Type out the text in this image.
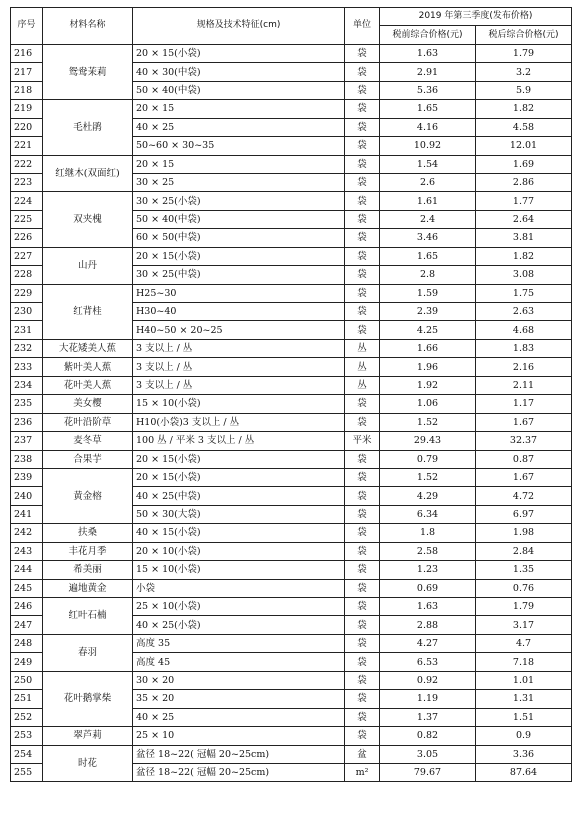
序号	材料名称	规格及技术特征(cm)	单位	2019 年第三季度(发布价格)	
				税前综合价格(元)	税后综合价格(元)
216	鸳鸯茉莉	20 × 15(小袋)	袋	1.63	1.79
217		40 × 30(中袋)	袋	2.91	3.2
218		50 × 40(中袋)	袋	5.36	5.9
219	毛杜鹃	20 × 15	袋	1.65	1.82
220		40 × 25	袋	4.16	4.58
221		50~60 × 30~35	袋	10.92	12.01
222	红继木(双面红)	20 × 15	袋	1.54	1.69
223		30 × 25	袋	2.6	2.86
224	双夹槐	30 × 25(小袋)	袋	1.61	1.77
225		50 × 40(中袋)	袋	2.4	2.64
226		60 × 50(中袋)	袋	3.46	3.81
227	山丹	20 × 15(小袋)	袋	1.65	1.82
228		30 × 25(中袋)	袋	2.8	3.08
229	红背桂	H25~30	袋	1.59	1.75
230		H30~40	袋	2.39	2.63
231		H40~50 × 20~25	袋	4.25	4.68
232	大花矮美人蕉	3 支以上 / 丛	丛	1.66	1.83
233	紫叶美人蕉	3 支以上 / 丛	丛	1.96	2.16
234	花叶美人蕉	3 支以上 / 丛	丛	1.92	2.11
235	美女樱	15 × 10(小袋)	袋	1.06	1.17
236	花叶沿阶草	H10(小袋)3 支以上 / 丛	袋	1.52	1.67
237	麦冬草	100 丛 / 平米 3 支以上 / 丛	平米	29.43	32.37
238	合果芋	20 × 15(小袋)	袋	0.79	0.87
239	黄金榕	20 × 15(小袋)	袋	1.52	1.67
240		40 × 25(中袋)	袋	4.29	4.72
241		50 × 30(大袋)	袋	6.34	6.97
242	扶桑	40 × 15(小袋)	袋	1.8	1.98
243	丰花月季	20 × 10(小袋)	袋	2.58	2.84
244	希美丽	15 × 10(小袋)	袋	1.23	1.35
245	遍地黄金	小袋	袋	0.69	0.76
246	红叶石楠	25 × 10(小袋)	袋	1.63	1.79
247		40 × 25(小袋)	袋	2.88	3.17
248	春羽	高度 35	袋	4.27	4.7
249		高度 45	袋	6.53	7.18
250	花叶鹅掌柴	30 × 20	袋	0.92	1.01
251		35 × 20	袋	1.19	1.31
252		40 × 25	袋	1.37	1.51
253	翠芦莉	25 × 10	袋	0.82	0.9
254	时花	盆径 18~22( 冠幅 20~25cm)	盆	3.05	3.36
255		盆径 18~22( 冠幅 20~25cm)	m²	79.67	87.64
